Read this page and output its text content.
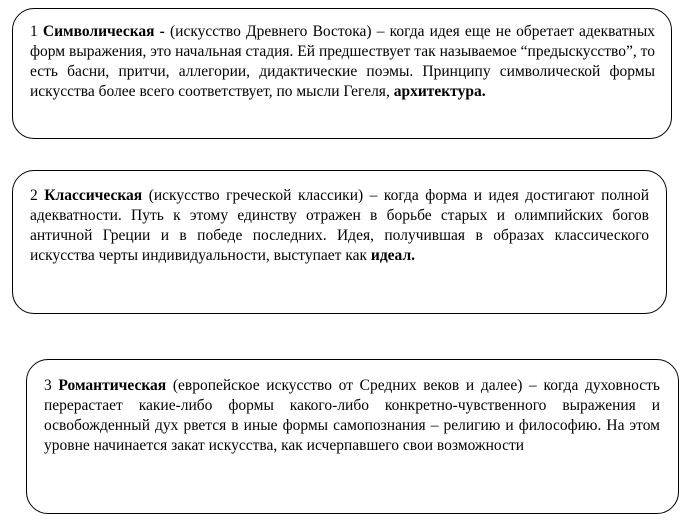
1 Символическая - (искусство Древнего Востока) – когда идея еще не обретает адекватных форм выражения, это начальная стадия. Ей предшествует так называемое “предыскусство”, то есть басни, притчи, аллегории, дидактические поэмы. Принципу символической формы искусства более всего соответствует, по мысли Гегеля, архитектура.

2 Классическая (искусство греческой классики) – когда форма и идея достигают полной адекватности. Путь к этому единству отражен в борьбе старых и олимпийских богов античной Греции и в победе последних. Идея, получившая в образах классического искусства черты индивидуальности, выступает как идеал.

3 Романтическая (европейское искусство от Средних веков и далее) – когда духовность перерастает какие-либо формы какого-либо конкретно-чувственного выражения и освобожденный дух рвется в иные формы самопознания – религию и философию. На этом уровне начинается закат искусства, как исчерпавшего свои возможности
